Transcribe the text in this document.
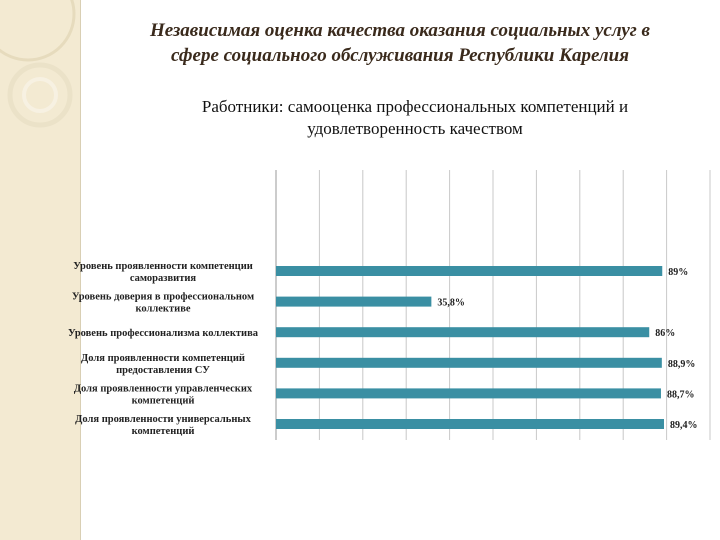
Независимая оценка качества оказания социальных услуг в
сфере социального обслуживания Республики Карелия
Работники: самооценка профессиональных компетенций и
удовлетворенность качеством
89%
Уровень проявленности компетенции саморазвития
35,8%
Уровень доверия в профессиональном коллективе
86%
Уровень профессионализма коллектива
88,9%
Доля проявленности компетенций предоставления СУ
88,7%
Доля проявленности управленческих компетенций
89,4%
Доля проявленности универсальных компетенций
